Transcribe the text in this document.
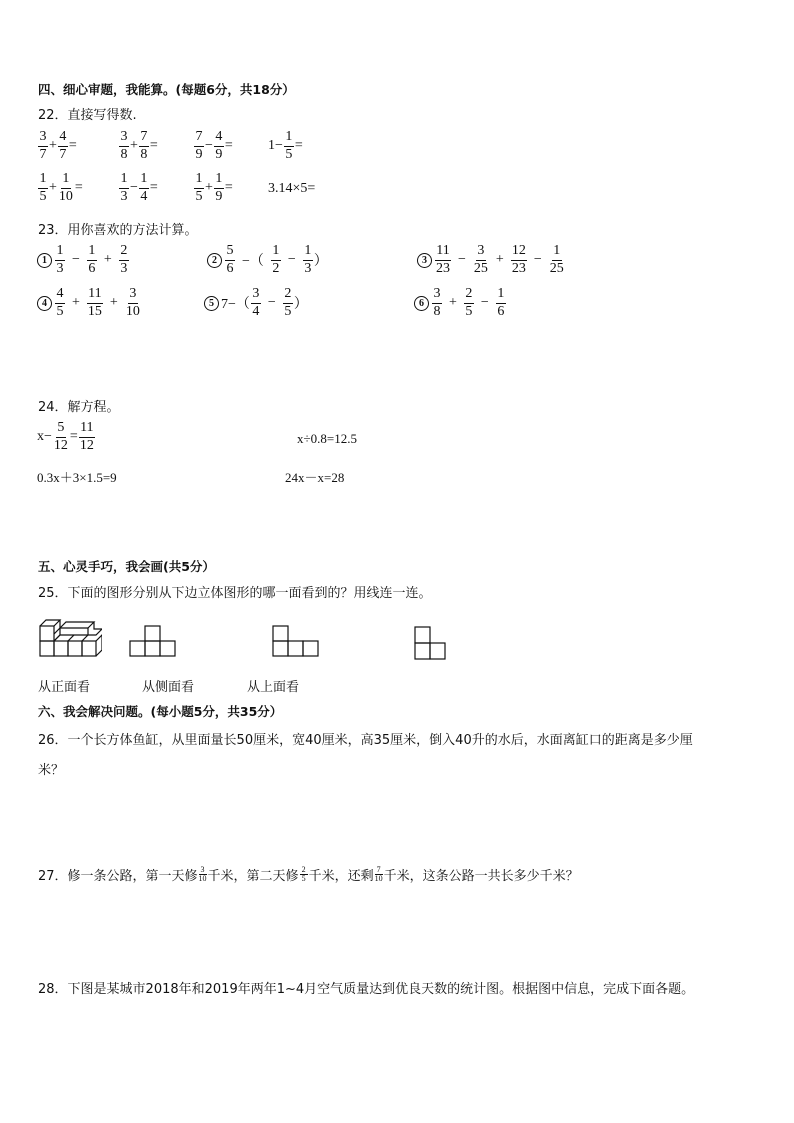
四、细心审题，我能算。(每题6分，共18分）
22．直接写得数.
$\frac{3}{7} + \frac{4}{7}$ =	$\frac{3}{8} + \frac{7}{8}$ =	$\frac{7}{9} - \frac{4}{9}$ =	$1- \frac{1}{5}$ =
$\frac{1}{5} + \frac{1}{10}$ =	$\frac{1}{3} - \frac{1}{4}$ =	$\frac{1}{5} + \frac{1}{9}$ =	3.14×5=
23．用你喜欢的方法计算。
$1 \frac{1}{3} - \frac{1}{6} + \frac{2}{3}$	$2 \frac{5}{6}$ −（ $\frac{1}{2} - \frac{1}{3}$ ）	$3 \frac{11}{23} - \frac{3}{25} + \frac{12}{23} - \frac{1}{25}$
$4 \frac{4}{5} + \frac{11}{15} + \frac{3}{10}$	5 $7-( \frac{3}{4} - \frac{2}{5}$ ）	$6 \frac{3}{8} + \frac{2}{5} - \frac{1}{6}$
24．解方程。
$x- \frac{5}{12} = \frac{11}{12}$	x÷0.8=12.5
0.3x＋3×1.5=9	24x－x=28
五、心灵手巧，我会画(共5分）
25．下面的图形分别从下边立体图形的哪一面看到的？用线连一连。
从正面看	从侧面看	从上面看
六、我会解决问题。(每小题5分，共35分）
26．一个长方体鱼缸，从里面量长50厘米，宽40厘米，高35厘米，倒入40升的水后，水面离缸口的距离是多少厘
米？
27．修一条公路，第一天修 $\frac{3}{10}$ 千米，第二天修 $\frac{2}{5}$ 千米，还剩 $\frac{7}{10}$ 千米，这条公路一共长多少千米？
28．下图是某城市2018年和2019年两年1~4月空气质量达到优良天数的统计图。根据图中信息，完成下面各题。
